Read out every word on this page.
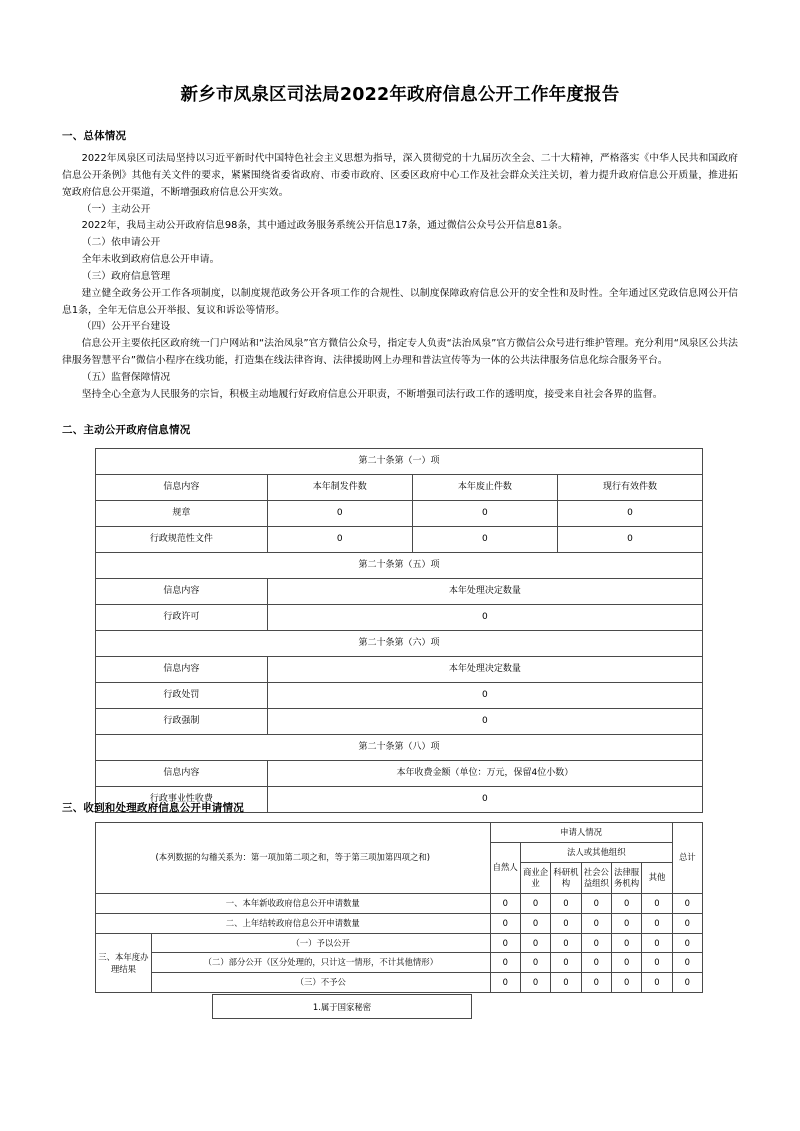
新乡市凤泉区司法局2022年政府信息公开工作年度报告
一、总体情况

2022年凤泉区司法局坚持以习近平新时代中国特色社会主义思想为指导，深入贯彻党的十九届历次全会、二十大精神，严格落实《中华人民共和国政府信息公开条例》其他有关文件的要求，紧紧围绕省委省政府、市委市政府、区委区政府中心工作及社会群众关注关切，着力提升政府信息公开质量，推进拓宽政府信息公开渠道，不断增强政府信息公开实效。

（一）主动公开

2022年，我局主动公开政府信息98条，其中通过政务服务系统公开信息17条，通过微信公众号公开信息81条。

（二）依申请公开

全年未收到政府信息公开申请。

（三）政府信息管理

建立健全政务公开工作各项制度，以制度规范政务公开各项工作的合规性、以制度保障政府信息公开的安全性和及时性。全年通过区党政信息网公开信息1条，全年无信息公开举报、复议和诉讼等情形。

（四）公开平台建设

信息公开主要依托区政府统一门户网站和“法治凤泉”官方微信公众号，指定专人负责“法治凤泉”官方微信公众号进行维护管理。充分利用“凤泉区公共法律服务智慧平台”微信小程序在线功能，打造集在线法律咨询、法律援助网上办理和普法宣传等为一体的公共法律服务信息化综合服务平台。

（五）监督保障情况

坚持全心全意为人民服务的宗旨，积极主动地履行好政府信息公开职责，不断增强司法行政工作的透明度，接受来自社会各界的监督。

二、主动公开政府信息情况
第二十条第（一）项			
信息内容	本年制发件数	本年废止件数	现行有效件数
规章	0	0	0
行政规范性文件	0	0	0
第二十条第（五）项			
信息内容	本年处理决定数量		
行政许可	0		
第二十条第（六）项			
信息内容	本年处理决定数量		
行政处罚	0		
行政强制	0		
第二十条第（八）项			
信息内容	本年收费金额（单位：万元，保留4位小数）		
行政事业性收费	0		
三、收到和处理政府信息公开申请情况
(本列数据的勾稽关系为：第一项加第二项之和，等于第三项加第四项之和)		申请人情况						总计
		自然人	法人或其他组织					
			商业企业	科研机构	社会公益组织	法律服务机构	其他	
一、本年新收政府信息公开申请数量		0	0	0	0	0	0	0
二、上年结转政府信息公开申请数量		0	0	0	0	0	0	0
三、本年度办理结果	（一）予以公开	0	0	0	0	0	0	0
	（二）部分公开（区分处理的，只计这一情形，不计其他情形）	0	0	0	0	0	0	0
	（三）不予公	0	0	0	0	0	0	0
1.属于国家秘密
